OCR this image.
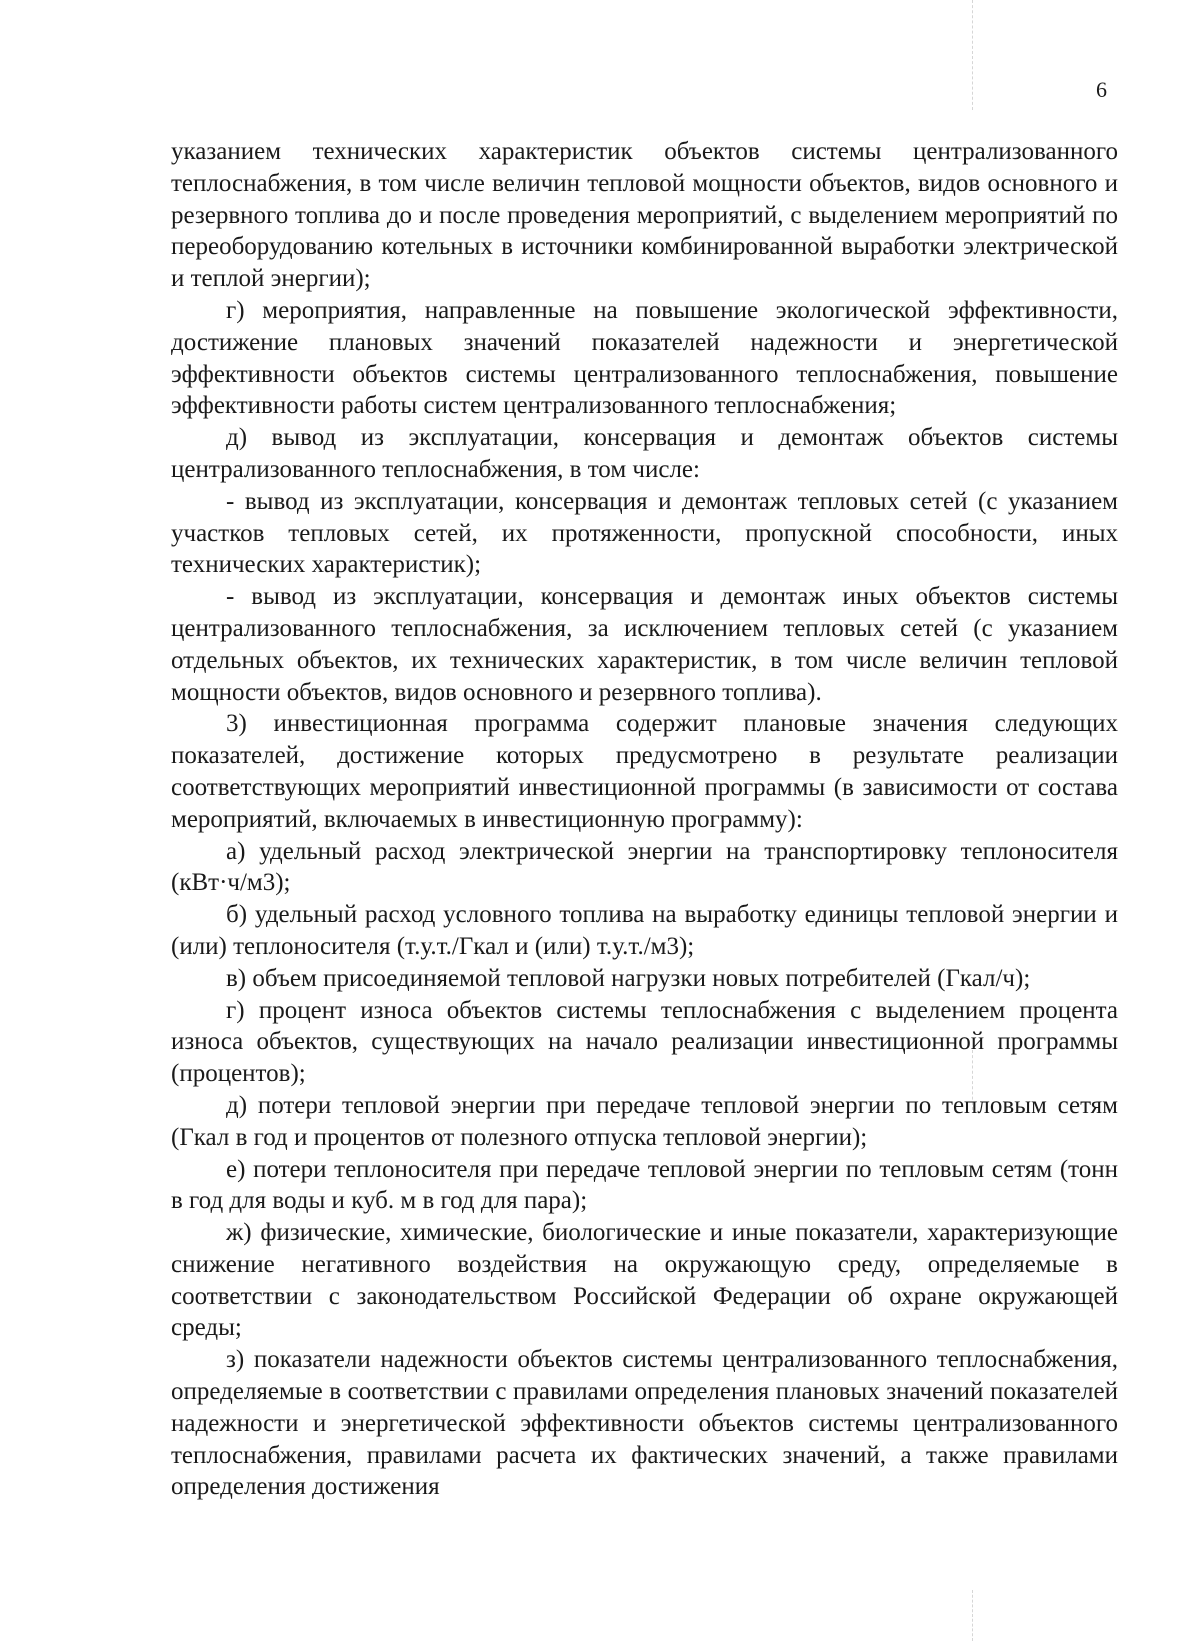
6

указанием технических характеристик объектов системы централизованного теплоснабжения, в том числе величин тепловой мощности объектов, видов основного и резервного топлива до и после проведения мероприятий, с выделением мероприятий по переоборудованию котельных в источники комбинированной выработки электрической и теплой энергии);

г) мероприятия, направленные на повышение экологической эффективности, достижение плановых значений показателей надежности и энергетической эффективности объектов системы централизованного теплоснабжения, повышение эффективности работы систем централизованного теплоснабжения;

д) вывод из эксплуатации, консервация и демонтаж объектов системы централизованного теплоснабжения, в том числе:

- вывод из эксплуатации, консервация и демонтаж тепловых сетей (с указанием участков тепловых сетей, их протяженности, пропускной способности, иных технических характеристик);

- вывод из эксплуатации, консервация и демонтаж иных объектов системы централизованного теплоснабжения, за исключением тепловых сетей (с указанием отдельных объектов, их технических характеристик, в том числе величин тепловой мощности объектов, видов основного и резервного топлива).

3) инвестиционная программа содержит плановые значения следующих показателей, достижение которых предусмотрено в результате реализации соответствующих мероприятий инвестиционной программы (в зависимости от состава мероприятий, включаемых в инвестиционную программу):

а) удельный расход электрической энергии на транспортировку теплоносителя (кВт·ч/м3);

б) удельный расход условного топлива на выработку единицы тепловой энергии и (или) теплоносителя (т.у.т./Гкал и (или) т.у.т./м3);

в) объем присоединяемой тепловой нагрузки новых потребителей (Гкал/ч);

г) процент износа объектов системы теплоснабжения с выделением процента износа объектов, существующих на начало реализации инвестиционной программы (процентов);

д) потери тепловой энергии при передаче тепловой энергии по тепловым сетям (Гкал в год и процентов от полезного отпуска тепловой энергии);

е) потери теплоносителя при передаче тепловой энергии по тепловым сетям (тонн в год для воды и куб. м в год для пара);

ж) физические, химические, биологические и иные показатели, характеризующие снижение негативного воздействия на окружающую среду, определяемые в соответствии с законодательством Российской Федерации об охране окружающей среды;

з) показатели надежности объектов системы централизованного теплоснабжения, определяемые в соответствии с правилами определения плановых значений показателей надежности и энергетической эффективности объектов системы централизованного теплоснабжения, правилами расчета их фактических значений, а также правилами определения достижения
